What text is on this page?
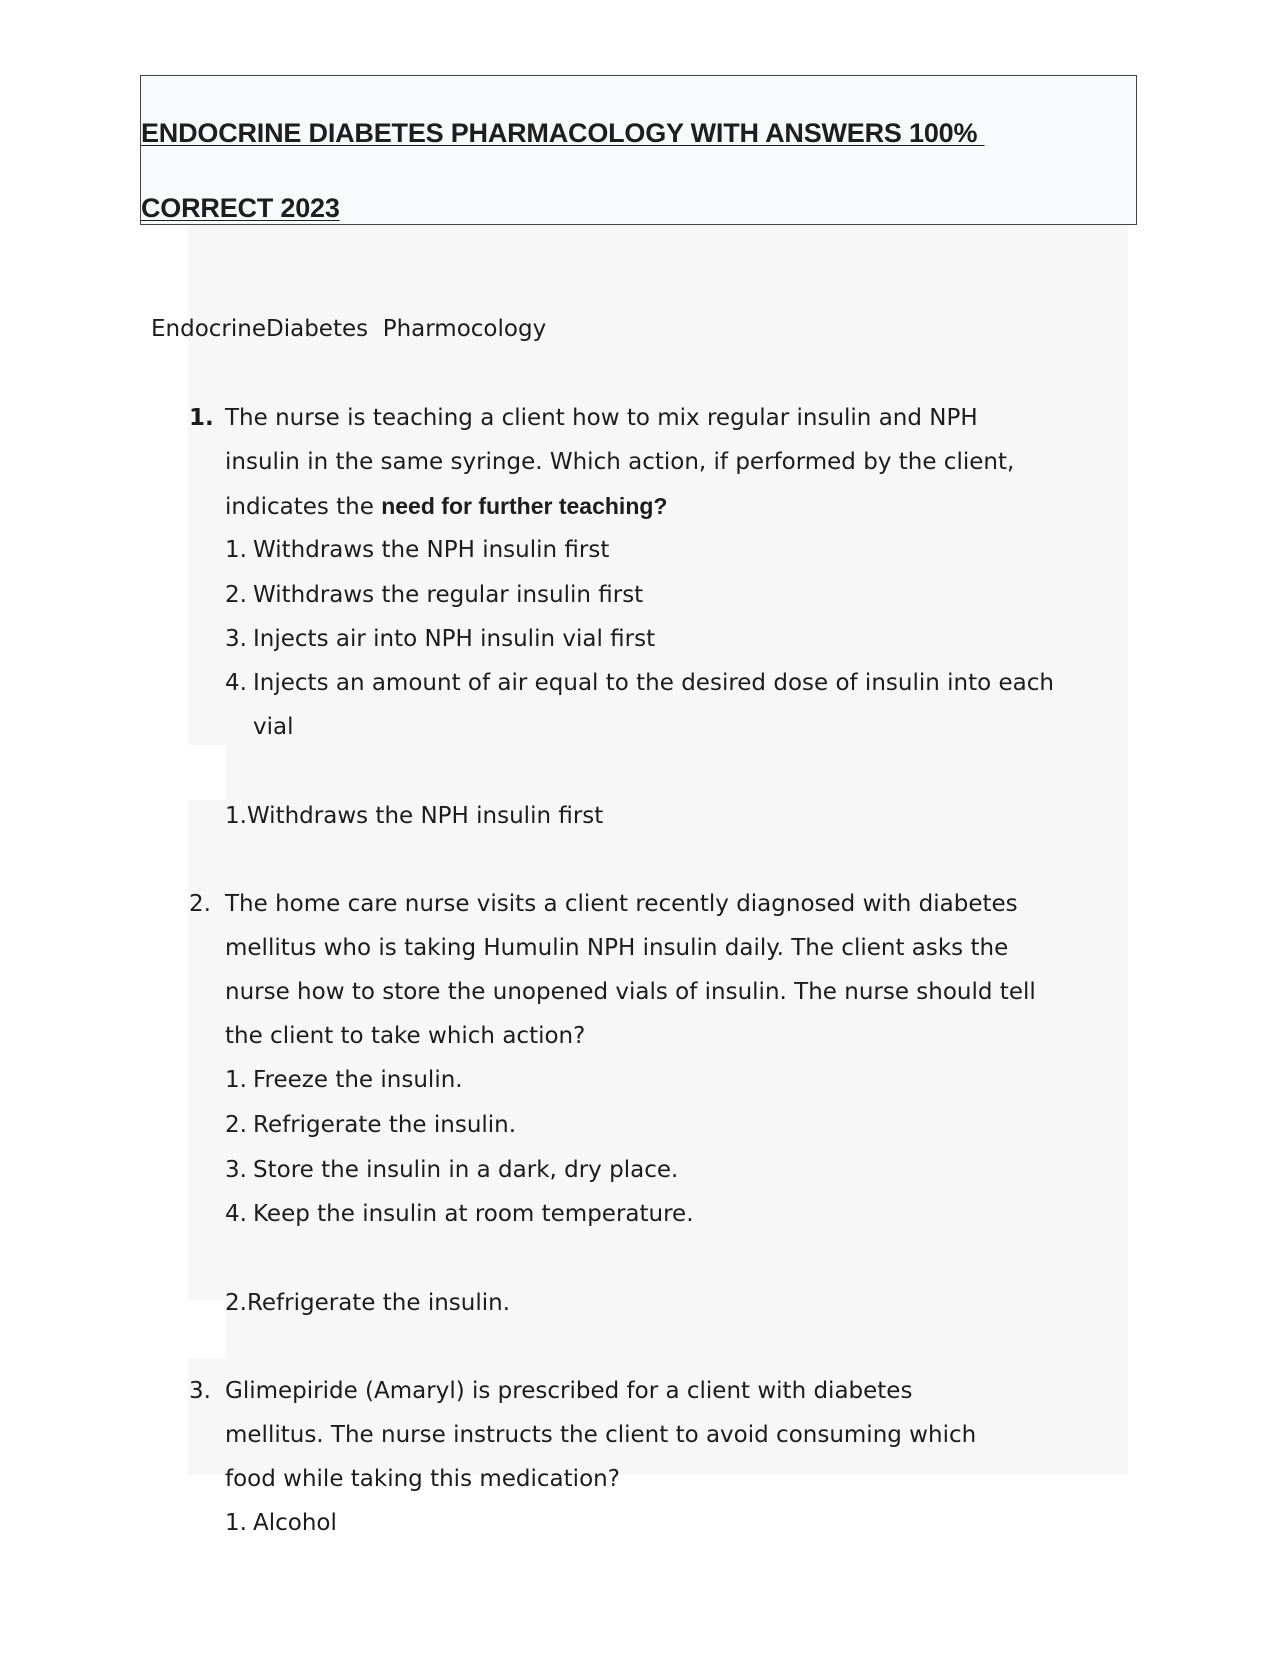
ENDOCRINE DIABETES PHARMACOLOGY WITH ANSWERS 100%
CORRECT 2023
EndocrineDiabetes  Pharmocology
1. The nurse is teaching a client how to mix regular insulin and NPH
insulin in the same syringe. Which action, if performed by the client,
indicates the need for further teaching?
1. Withdraws the NPH insulin first
2. Withdraws the regular insulin first
3. Injects air into NPH insulin vial first
4. Injects an amount of air equal to the desired dose of insulin into each
vial
1.Withdraws the NPH insulin first
2. The home care nurse visits a client recently diagnosed with diabetes
mellitus who is taking Humulin NPH insulin daily. The client asks the
nurse how to store the unopened vials of insulin. The nurse should tell
the client to take which action?
1. Freeze the insulin.
2. Refrigerate the insulin.
3. Store the insulin in a dark, dry place.
4. Keep the insulin at room temperature.
2.Refrigerate the insulin.
3. Glimepiride (Amaryl) is prescribed for a client with diabetes
mellitus. The nurse instructs the client to avoid consuming which
food while taking this medication?
1. Alcohol
